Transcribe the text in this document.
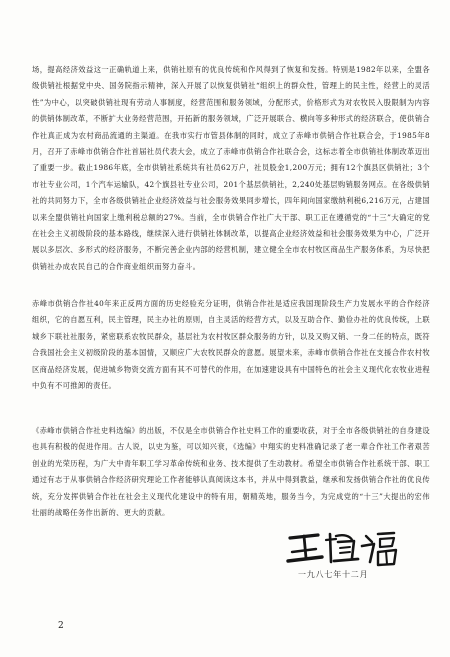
场，提高经济效益这一正确轨道上来，供销社原有的优良传统和作风得到了恢复和发扬。特别是1982年以来，全盟各级供销社根据党中央、国务院指示精神，深入开展了以恢复供销社“组织上的群众性，管理上的民主性，经营上的灵活性”为中心，以突破供销社现有劳动人事制度，经营范围和服务领域，分配形式，价格形式为对农牧民入股限制为内容的供销体制改革，不断扩大业务经营范围，开拓新的服务领域，广泛开展联合、横向等多种形式的经济联合，使供销合作社真正成为农村商品流通的主渠道。在我市实行市管县体制的同时，成立了赤峰市供销合作社联合会，于1985年8月，召开了赤峰市供销合作社首届社员代表大会，成立了赤峰市供销合作社联合会，这标志着全市供销社体制改革迈出了重要一步。截止1986年底，全市供销社系统共有社员62万户，社员股金1,200万元；拥有12个旗县区供销社；3个市社专业公司，1个汽车运输队，42个旗县社专业公司，201个基层供销社，2,240处基层购销服务网点。在各级供销社的共同努力下，全市各级供销社企业经济效益与社会服务效果同步增长，四年间向国家缴纳利税6,216万元，占建国以来全盟供销社向国家上缴利税总额的27%。当前，全市供销合作社广大干部、职工正在遵循党的“十三”大确定的党在社会主义初级阶段的基本路线，继续深入进行供销社体制改革，以提高企业经济效益和社会服务效果为中心，广泛开展以多层次、多形式的经济服务，不断完善企业内部的经营机制，建立健全全市农村牧区商品生产服务体系，为尽快把供销社办成农民自己的合作商业组织而努力奋斗。

赤峰市供销合作社40年来正反两方面的历史经验充分证明，供销合作社是适应我国现阶段生产力发展水平的合作经济组织，它的自愿互利，民主管理，民主办社的原则，自主灵活的经营方式，以及互助合作、勤俭办社的优良传统，上联城乡下联社社服务，紧密联系农牧民群众，基层社为农村牧区群众服务的方针，以及又购又销、一身二任的特点，既符合我国社会主义初级阶段的基本国情，又顺应广大农牧民群众的意愿。展望未来，赤峰市供销合作社在支援合作农村牧区商品经济发展，促进城乡物资交流方面有其不可替代的作用，在加速建设具有中国特色的社会主义现代化农牧业进程中负有不可推卸的责任。

《赤峰市供销合作社史料选编》的出版，不仅是全市供销合作社史料工作的重要收获，对于全市各级供销社的自身建设也具有积极的促进作用。古人说，以史为鉴，可以知兴衰，《选编》中翔实的史料准确记录了老一辈合作社工作者艰苦创业的光荣历程，为广大中青年职工学习革命传统和业务、技术提供了生动教材。希望全市供销合作社系统干部、职工通过有志于从事供销合作经济研究理论工作者能够认真阅读这本书，并从中得到教益，继承和发扬供销合作社的优良传统，充分发挥供销合作社在社会主义现代化建设中的特有用，朝精英地，服务当今，为完成党的“十三”大提出的宏伟壮丽的战略任务作出新的、更大的贡献。

一九八七年十二月
2
